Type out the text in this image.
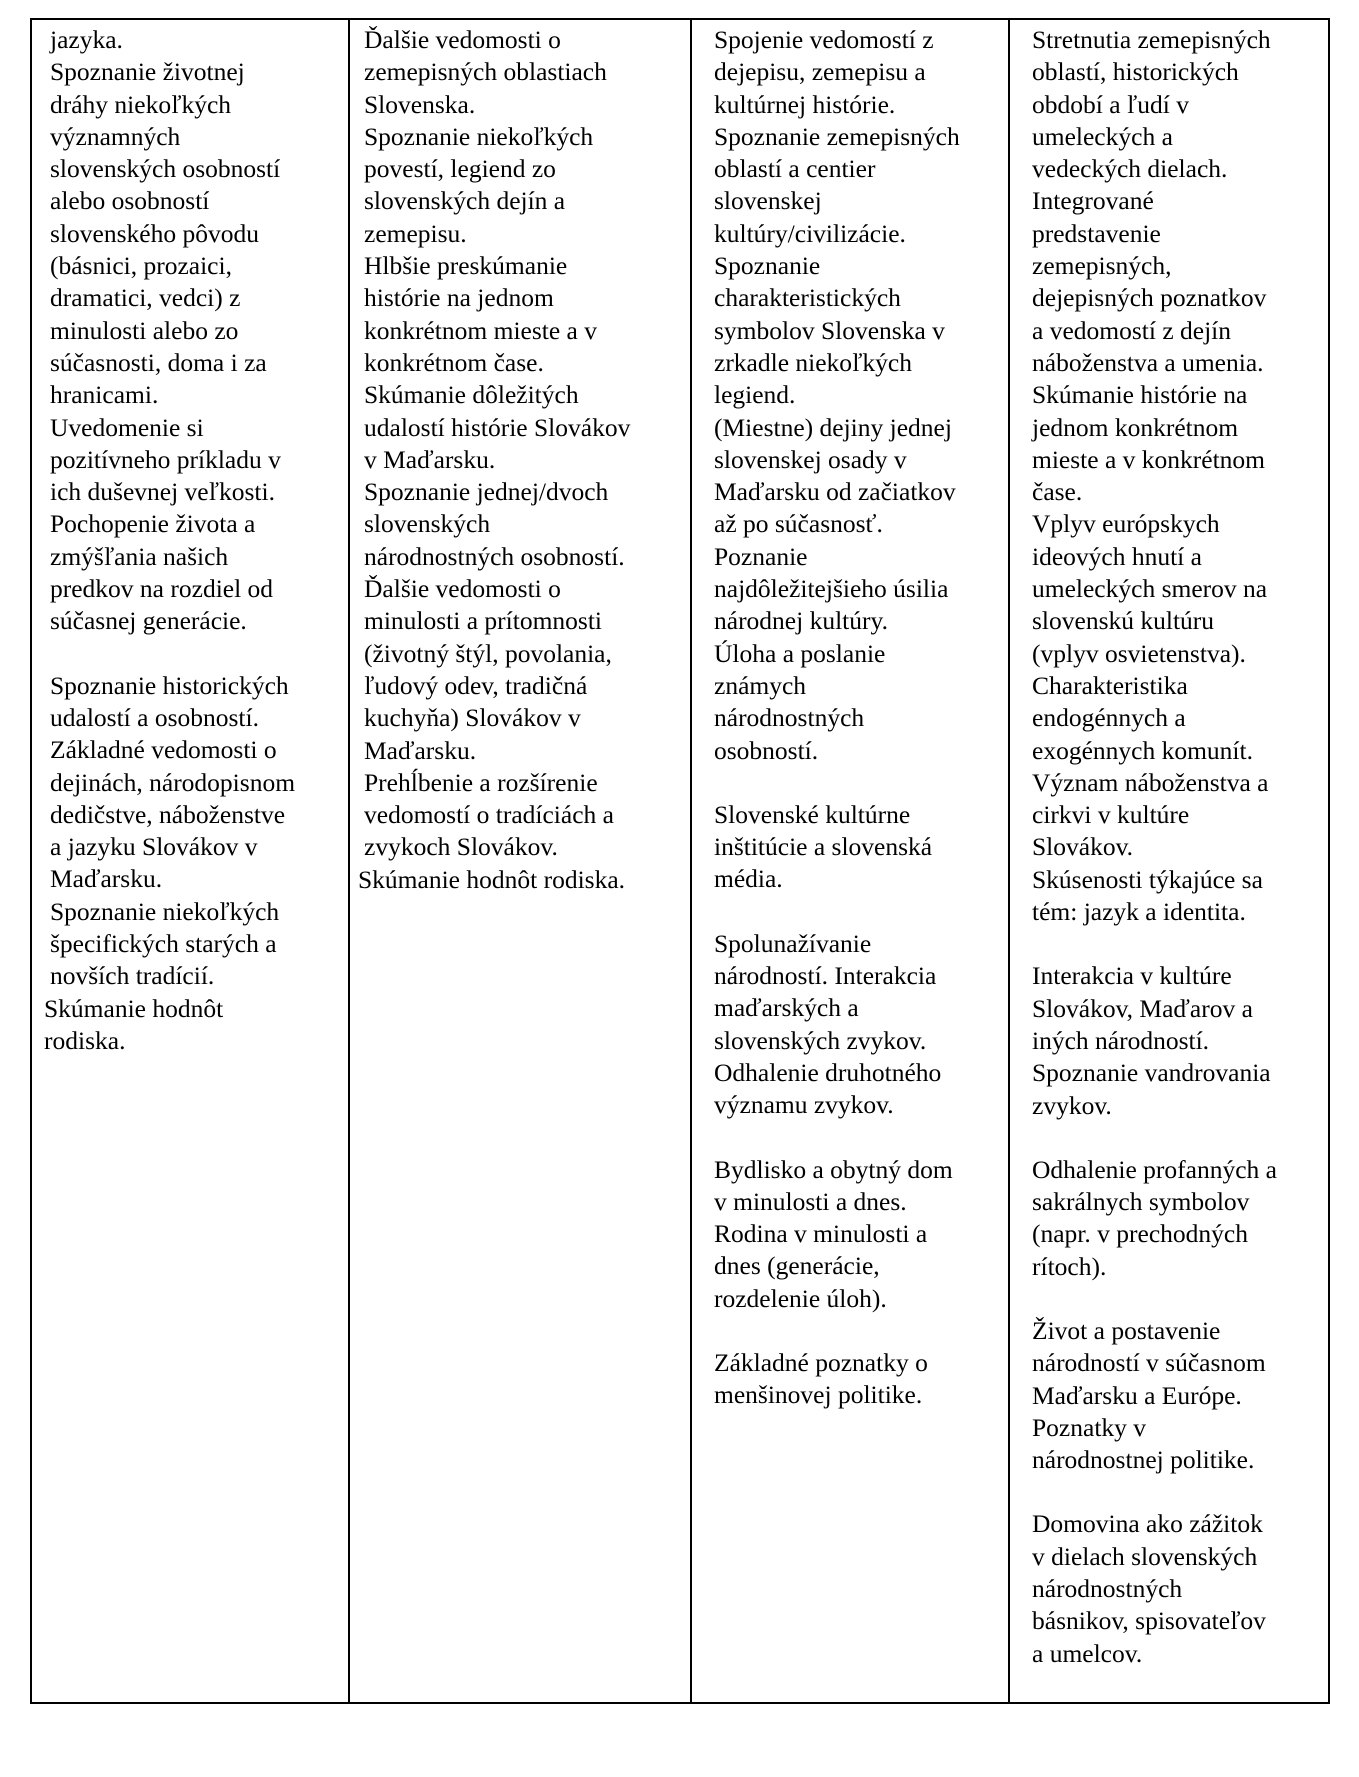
jazyka.

Spoznanie životnej
dráhy niekoľkých
významných
slovenských osobností
alebo osobností
slovenského pôvodu
(básnici, prozaici,
dramatici, vedci) z
minulosti alebo zo
súčasnosti, doma i za
hranicami.

Uvedomenie si
pozitívneho príkladu v
ich duševnej veľkosti.

Pochopenie života a
zmýšľania našich
predkov na rozdiel od
súčasnej generácie.

Spoznanie historických
udalostí a osobností.

Základné vedomosti o
dejinách, národopisnom
dedičstve, náboženstve
a jazyku Slovákov v
Maďarsku.

Spoznanie niekoľkých
špecifických starých a
novších tradícií.

Skúmanie hodnôt
rodiska.

Ďalšie vedomosti o
zemepisných oblastiach
Slovenska.

Spoznanie niekoľkých
povestí, legiend zo
slovenských dejín a
zemepisu.

Hlbšie preskúmanie
histórie na jednom
konkrétnom mieste a v
konkrétnom čase.

Skúmanie dôležitých
udalostí histórie Slovákov
v Maďarsku.

Spoznanie jednej/dvoch
slovenských
národnostných osobností.

Ďalšie vedomosti o
minulosti a prítomnosti
(životný štýl, povolania,
ľudový odev, tradičná
kuchyňa) Slovákov v
Maďarsku.

Prehĺbenie a rozšírenie
vedomostí o tradíciách a
zvykoch Slovákov.

Skúmanie hodnôt rodiska.

Spojenie vedomostí z
dejepisu, zemepisu a
kultúrnej histórie.

Spoznanie zemepisných
oblastí a centier
slovenskej
kultúry/civilizácie.

Spoznanie
charakteristických
symbolov Slovenska v
zrkadle niekoľkých
legiend.

(Miestne) dejiny jednej
slovenskej osady v
Maďarsku od začiatkov
až po súčasnosť.

Poznanie
najdôležitejšieho úsilia
národnej kultúry.

Úloha a poslanie
známych
národnostných
osobností.

Slovenské kultúrne
inštitúcie a slovenská
média.

Spolunažívanie
národností. Interakcia
maďarských a
slovenských zvykov.

Odhalenie druhotného
významu zvykov.

Bydlisko a obytný dom
v minulosti a dnes.

Rodina v minulosti a
dnes (generácie,
rozdelenie úloh).

Základné poznatky o
menšinovej politike.

Stretnutia zemepisných
oblastí, historických
období a ľudí v
umeleckých a
vedeckých dielach.

Integrované
predstavenie
zemepisných,
dejepisných poznatkov
a vedomostí z dejín
náboženstva a umenia.

Skúmanie histórie na
jednom konkrétnom
mieste a v konkrétnom
čase.

Vplyv európskych
ideových hnutí a
umeleckých smerov na
slovenskú kultúru
(vplyv osvietenstva).

Charakteristika
endogénnych a
exogénnych komunít.

Význam náboženstva a
cirkvi v kultúre
Slovákov.

Skúsenosti týkajúce sa
tém: jazyk a identita.

Interakcia v kultúre
Slovákov, Maďarov a
iných národností.

Spoznanie vandrovania
zvykov.

Odhalenie profanných a
sakrálnych symbolov
(napr. v prechodných
rítoch).

Život a postavenie
národností v súčasnom
Maďarsku a Európe.

Poznatky v
národnostnej politike.

Domovina ako zážitok
v dielach slovenských
národnostných
básnikov, spisovateľov
a umelcov.
